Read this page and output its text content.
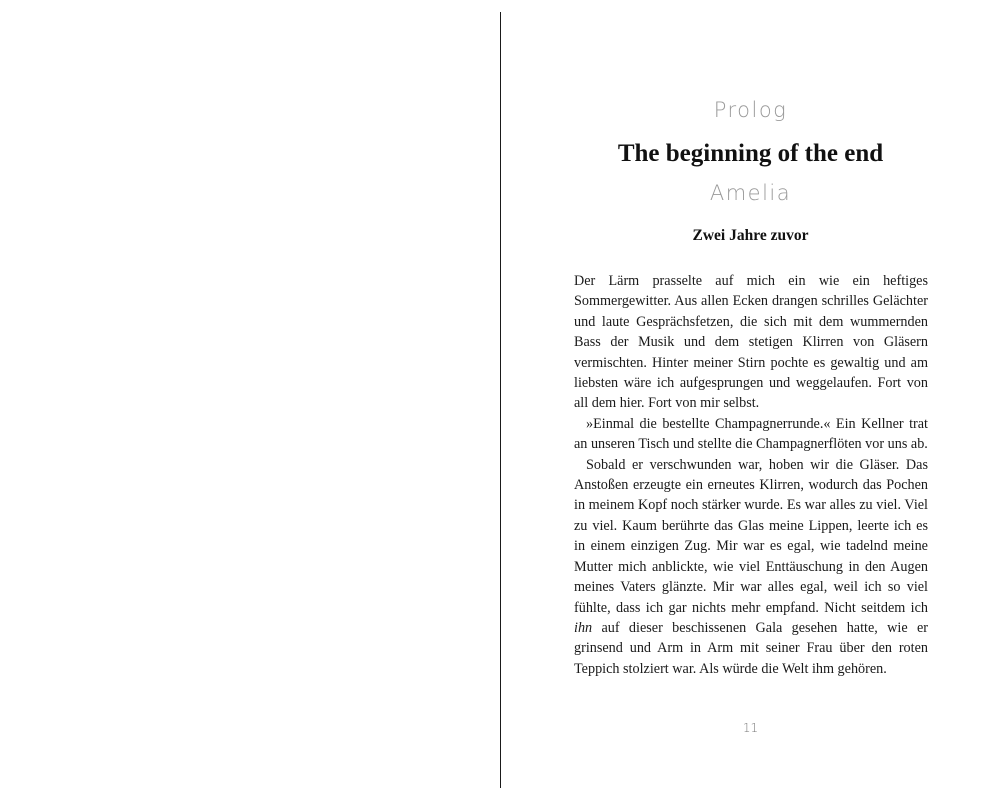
Prolog
The beginning of the end
Amelia
Zwei Jahre zuvor

Der Lärm prasselte auf mich ein wie ein heftiges Sommergewitter. Aus allen Ecken drangen schrilles Gelächter und laute Gesprächsfetzen, die sich mit dem wummernden Bass der Musik und dem stetigen Klirren von Gläsern vermischten. Hinter meiner Stirn pochte es gewaltig und am liebsten wäre ich aufgesprungen und weggelaufen. Fort von all dem hier. Fort von mir selbst.

»Einmal die bestellte Champagnerrunde.« Ein Kellner trat an unseren Tisch und stellte die Champagnerflöten vor uns ab.

Sobald er verschwunden war, hoben wir die Gläser. Das Anstoßen erzeugte ein erneutes Klirren, wodurch das Pochen in meinem Kopf noch stärker wurde. Es war alles zu viel. Viel zu viel. Kaum berührte das Glas meine Lippen, leerte ich es in einem einzigen Zug. Mir war es egal, wie tadelnd meine Mutter mich anblickte, wie viel Enttäuschung in den Augen meines Vaters glänzte. Mir war alles egal, weil ich so viel fühlte, dass ich gar nichts mehr empfand. Nicht seitdem ich ihn auf dieser beschissenen Gala gesehen hatte, wie er grinsend und Arm in Arm mit seiner Frau über den roten Teppich stolziert war. Als würde die Welt ihm gehören.

11
